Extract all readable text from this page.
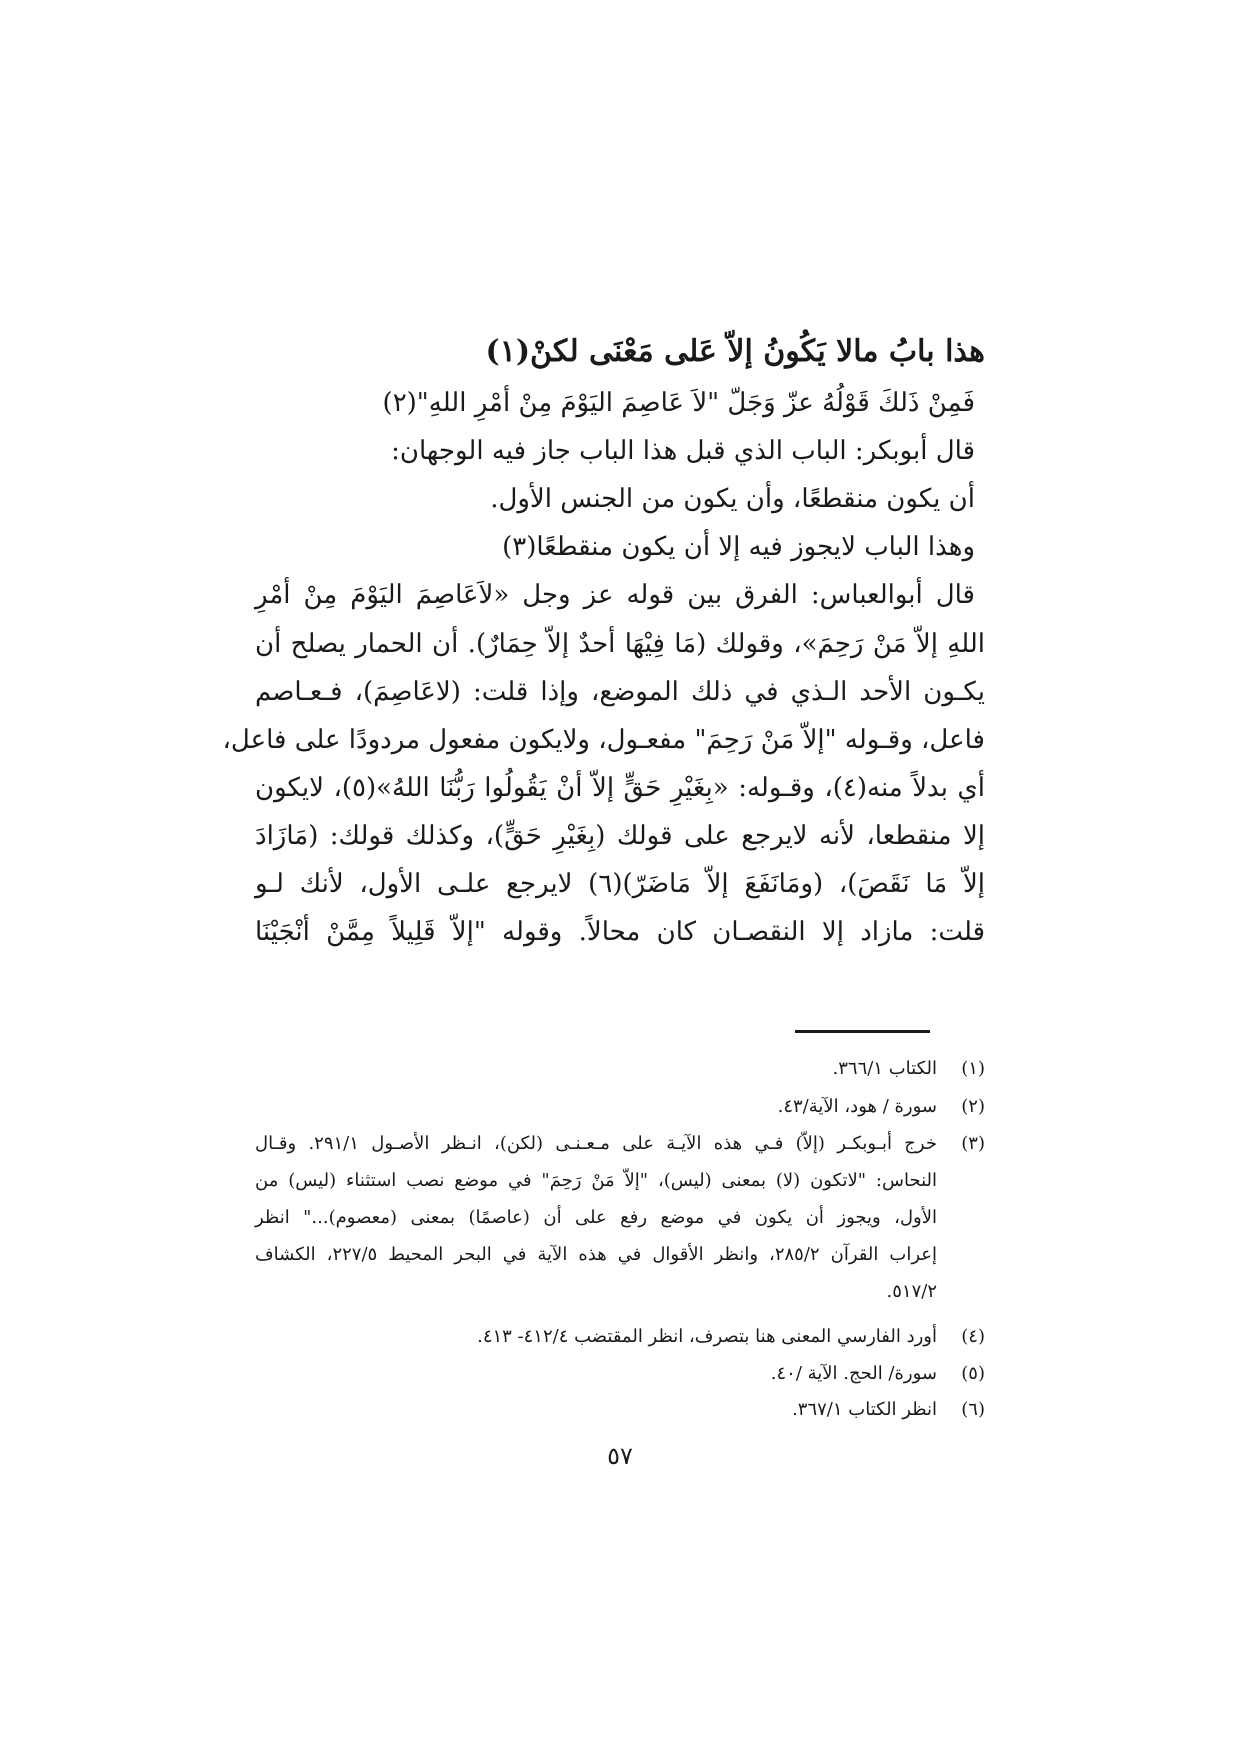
هذا بابُ مالا يَكُونُ إلاّ عَلى مَعْنَى لكنْ(١)
فَمِنْ ذَلكَ قَوْلُهُ عزّ وَجَلّ "لاَ عَاصِمَ اليَوْمَ مِنْ أمْرِ اللهِ"(٢)
قال أبوبكر: الباب الذي قبل هذا الباب جاز فيه الوجهان:
أن يكون منقطعًا، وأن يكون من الجنس الأول.
وهذا الباب لايجوز فيه إلا أن يكون منقطعًا(٣)
قال أبوالعباس: الفرق بين قوله عز وجل «لاَعَاصِمَ اليَوْمَ مِنْ أمْرِ
اللهِ إلاّ مَنْ رَحِمَ»، وقولك (مَا فِيْهَا أحدٌ إلاّ حِمَارٌ). أن الحمار يصلح أن
يكـون الأحد الـذي في ذلك الموضع، وإذا قلت: (لاعَاصِمَ)، فـعـاصم
فاعل، وقـوله "إلاّ مَنْ رَحِمَ" مفعـول، ولايكون مفعول مردودًا على فاعل،
أي بدلاً منه(٤)، وقـوله: «بِغَيْرِ حَقٍّ إلاّ أنْ يَقُولُوا رَبُّنَا اللهُ»(٥)، لايكون
إلا منقطعا، لأنه لايرجع على قولك (بِغَيْرِ حَقٍّ)، وكذلك قولك: (مَازَادَ
إلاّ مَا نَقَصَ)، (ومَانَفَعَ إلاّ مَاضَرّ)(٦) لايرجع علـى الأول، لأنك لـو
قلت: مازاد إلا النقصـان كان محالاً. وقوله "إلاّ قَلِيلاً مِمَّنْ أنْجَيْنَا
(١)
الكتاب ٣٦٦/١.
(٢)
سورة / هود، الآية/٤٣.
(٣)
خرج أبـوبكـر (إلاّ) فـي هذه الآيـة على مـعـنـى (لكن)، انـظر الأصـول ٢٩١/١. وقـال
النحاس: "لاتكون (لا) بمعنى (ليس)، "إلاّ مَنْ رَحِمَ" في موضع نصب استثناء (ليس) من
الأول، ويجوز أن يكون في موضع رفع على أن (عاصمًا) بمعنى (معصوم)..." انظر
إعراب القرآن ٢٨٥/٢، وانظر الأقوال في هذه الآية في البحر المحيط ٢٢٧/٥، الكشاف
٥١٧/٢.
(٤)
أورد الفارسي المعنى هنا بتصرف، انظر المقتضب ٤١٢/٤- ٤١٣.
(٥)
سورة/ الحج. الآية /٤٠.
(٦)
انظر الكتاب ٣٦٧/١.
٥٧
